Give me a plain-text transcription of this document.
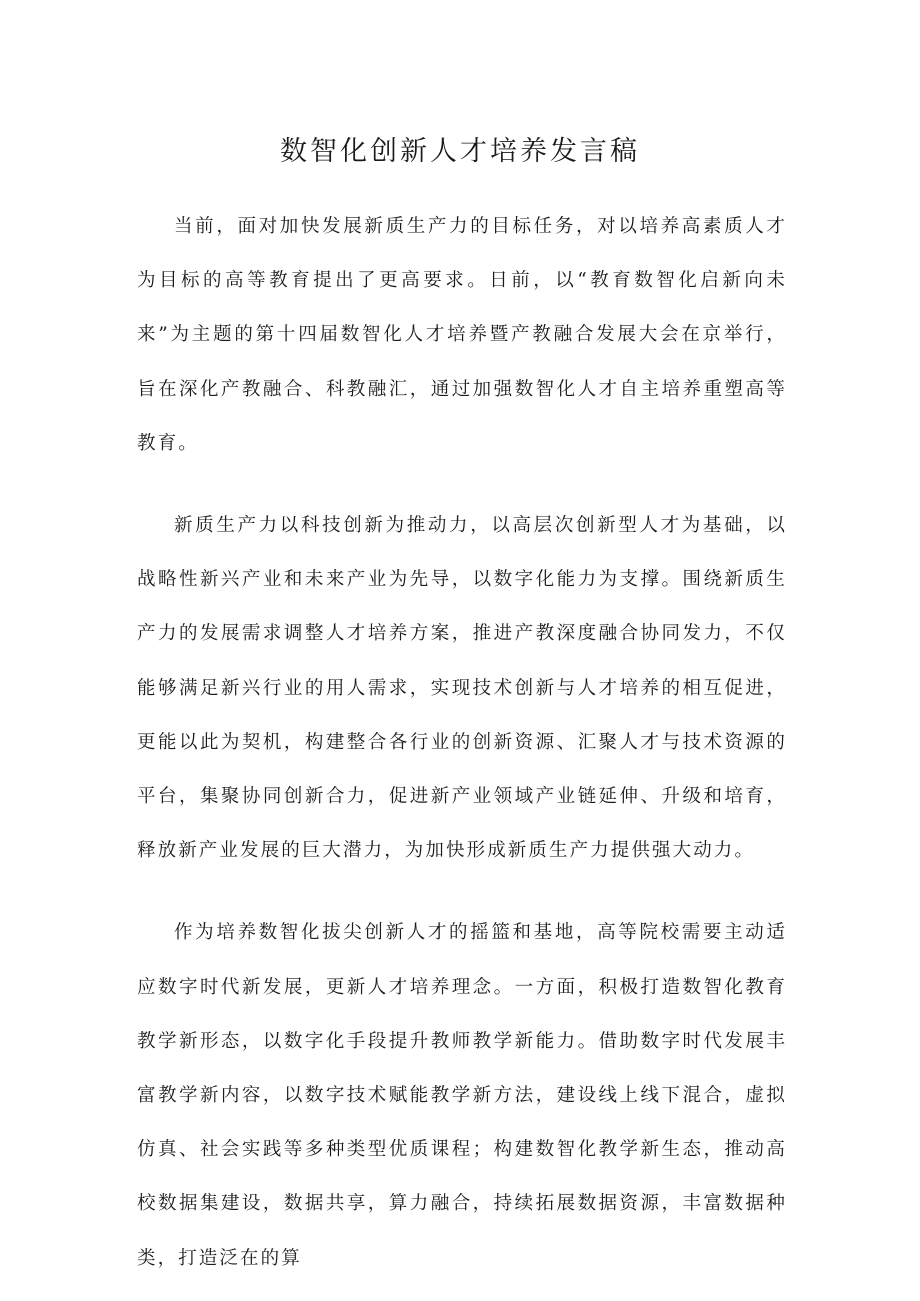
数智化创新人才培养发言稿

当前，面对加快发展新质生产力的目标任务，对以培养高素质人才为目标的高等教育提出了更高要求。日前，以“教育数智化启新向未来”为主题的第十四届数智化人才培养暨产教融合发展大会在京举行，旨在深化产教融合、科教融汇，通过加强数智化人才自主培养重塑高等教育。

新质生产力以科技创新为推动力，以高层次创新型人才为基础，以战略性新兴产业和未来产业为先导，以数字化能力为支撑。围绕新质生产力的发展需求调整人才培养方案，推进产教深度融合协同发力，不仅能够满足新兴行业的用人需求，实现技术创新与人才培养的相互促进，更能以此为契机，构建整合各行业的创新资源、汇聚人才与技术资源的平台，集聚协同创新合力，促进新产业领域产业链延伸、升级和培育，释放新产业发展的巨大潜力，为加快形成新质生产力提供强大动力。

作为培养数智化拔尖创新人才的摇篮和基地，高等院校需要主动适应数字时代新发展，更新人才培养理念。一方面，积极打造数智化教育教学新形态，以数字化手段提升教师教学新能力。借助数字时代发展丰富教学新内容，以数字技术赋能教学新方法，建设线上线下混合，虚拟仿真、社会实践等多种类型优质课程；构建数智化教学新生态，推动高校数据集建设，数据共享，算力融合，持续拓展数据资源，丰富数据种类，打造泛在的算
